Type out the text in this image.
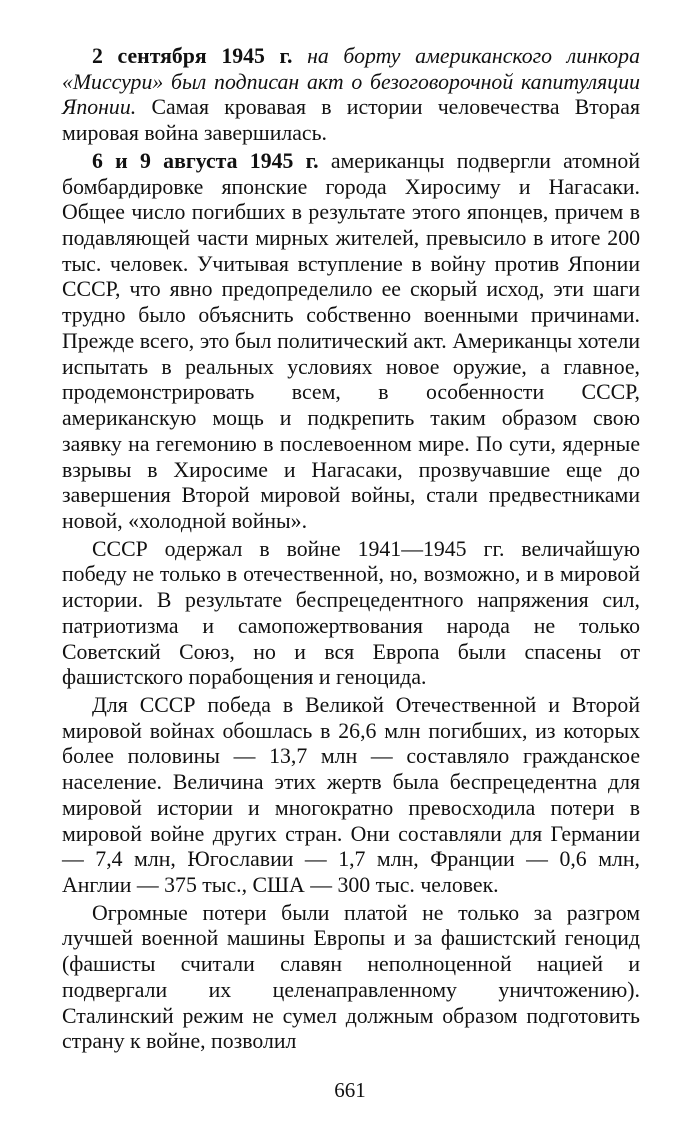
2 сентября 1945 г. на борту американского линкора «Миссури» был подписан акт о безоговорочной капитуляции Японии. Самая кровавая в истории человечества Вторая мировая война завершилась.

6 и 9 августа 1945 г. американцы подвергли атомной бомбардировке японские города Хиросиму и Нагасаки. Общее число погибших в результате этого японцев, причем в подавляющей части мирных жителей, превысило в итоге 200 тыс. человек. Учитывая вступление в войну против Японии СССР, что явно предопределило ее скорый исход, эти шаги трудно было объяснить собственно военными причинами. Прежде всего, это был политический акт. Американцы хотели испытать в реальных условиях новое оружие, а главное, продемонстрировать всем, в особенности СССР, американскую мощь и подкрепить таким образом свою заявку на гегемонию в послевоенном мире. По сути, ядерные взрывы в Хиросиме и Нагасаки, прозвучавшие еще до завершения Второй мировой войны, стали предвестниками новой, «холодной войны».

СССР одержал в войне 1941—1945 гг. величайшую победу не только в отечественной, но, возможно, и в мировой истории. В результате беспрецедентного напряжения сил, патриотизма и самопожертвования народа не только Советский Союз, но и вся Европа были спасены от фашистского порабощения и геноцида.

Для СССР победа в Великой Отечественной и Второй мировой войнах обошлась в 26,6 млн погибших, из которых более половины — 13,7 млн — составляло гражданское население. Величина этих жертв была беспрецедентна для мировой истории и многократно превосходила потери в мировой войне других стран. Они составляли для Германии — 7,4 млн, Югославии — 1,7 млн, Франции — 0,6 млн, Англии — 375 тыс., США — 300 тыс. человек.

Огромные потери были платой не только за разгром лучшей военной машины Европы и за фашистский геноцид (фашисты считали славян неполноценной нацией и подвергали их целенаправленному уничтожению). Сталинский режим не сумел должным образом подготовить страну к войне, позволил

661
